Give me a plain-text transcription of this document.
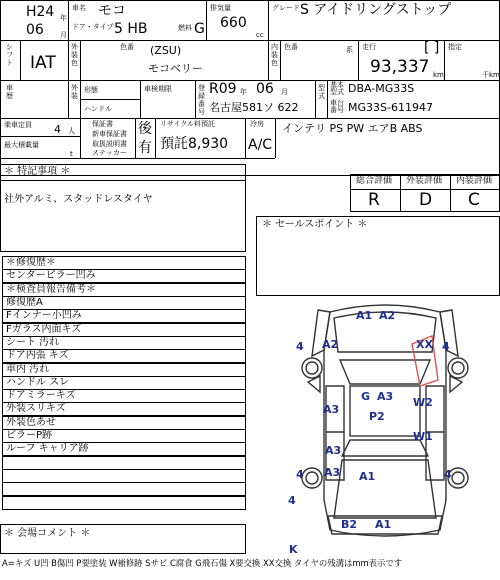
H24 年
06 月
車名 モコ
ドア・タイプ 5 HB	燃料 G
排気量
660
cc
グレード S アイドリングストップ
シフト IAT
外装色
色番 (ZSU)
モコベリー
内装色
色番	系 走行	[ ]
93,337 km
指定
千km
車歴
外装
形態
ハンドル
車検期限	登録番号
R09 年 06 月
名古屋581ソ 622
型式
基本型式 DBA-MG33S
車台番号 MG33S-611947
乗車定員 4 人
最大積載量
t
保証書
新車保証書
取扱説明書
ステッカー
後
有
リサイクル料預託
預託8,930
冷房
A/C
インテリ PS PW エアB ABS
＊ 特記事項 ＊
社外アルミ、スタッドレスタイヤ
総合評価 外装評価 内装評価
R D C
＊ セールスポイント ＊
＊修復歴＊
センターピラー凹み
＊検査員報告備考＊
修復歴A
Fインナー小凹み
Fガラス内面キズ
シート 汚れ
ドア内張 キズ
車内 汚れ
ハンドル スレ
ドアミラーキズ
外装スリキズ
外装色あせ
ピラーP跡
ルーフ キャリア跡
＊ 会場コメント ＊
A1 A2
A2	XX
4	4
G A3
A3
P2
W2
W1
A3
A3 A1
4
4
4
B2 A1
K
A=キズ U凹 B傷凹 P要塗装 W補修跡 Sサビ C腐食 G飛石傷 X要交換 XX交換 タイヤの残溝はmm表示です
